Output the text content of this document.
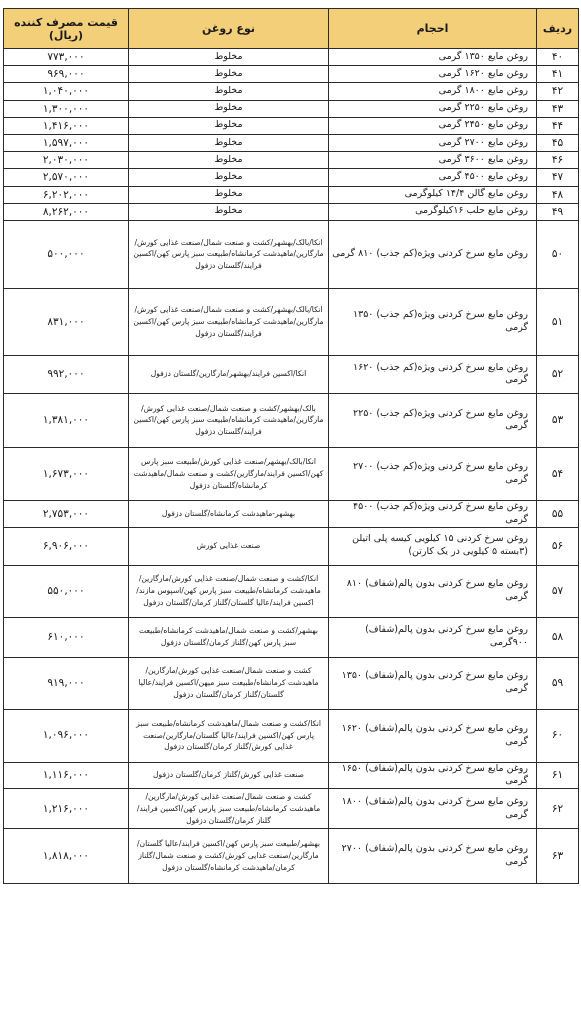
ردیف	احجام	نوع روغن	قیمت مصرف کننده (ریال)
۴۰	روغن مایع ۱۳۵۰ گرمی	مخلوط	۷۷۳,۰۰۰
۴۱	روغن مایع ۱۶۲۰ گرمی	مخلوط	۹۶۹,۰۰۰
۴۲	روغن مایع ۱۸۰۰ گرمی	مخلوط	۱,۰۴۰,۰۰۰
۴۳	روغن مایع ۲۲۵۰ گرمی	مخلوط	۱,۳۰۰,۰۰۰
۴۴	روغن مایع ۲۴۵۰ گرمی	مخلوط	۱,۴۱۶,۰۰۰
۴۵	روغن مایع ۲۷۰۰ گرمی	مخلوط	۱,۵۹۷,۰۰۰
۴۶	روغن مایع ۳۶۰۰ گرمی	مخلوط	۲,۰۳۰,۰۰۰
۴۷	روغن مایع ۴۵۰۰ گرمی	مخلوط	۲,۵۷۰,۰۰۰
۴۸	روغن مایع گالن ۱۴/۴ کیلوگرمی	مخلوط	۶,۲۰۲,۰۰۰
۴۹	روغن مایع حلب ۱۶کیلوگرمی	مخلوط	۸,۲۶۲,۰۰۰
۵۰	روغن مایع سرخ کردنی ویژه(کم جذب) ۸۱۰ گرمی	انکا/بالک/بهشهر/کشت و صنعت شمال/صنعت غذایی کورش/مارگارین/ماهیدشت کرمانشاه/طبیعت سبز پارس کهن/اکسین فرایند/گلستان دزفول	۵۰۰,۰۰۰
۵۱	روغن مایع سرخ کردنی ویژه(کم جذب) ۱۳۵۰ گرمی	انکا/بالک/بهشهر/کشت و صنعت شمال/صنعت غذایی کورش/مارگارین/ماهیدشت کرمانشاه/طبیعت سبز پارس کهن/اکسین فرایند/گلستان دزفول	۸۳۱,۰۰۰
۵۲	روغن مایع سرخ کردنی ویژه(کم جذب) ۱۶۲۰ گرمی	انکا/اکسین فرایند/بهشهر/مارگارین/گلستان دزفول	۹۹۲,۰۰۰
۵۳	روغن مایع سرخ کردنی ویژه(کم جذب) ۲۲۵۰ گرمی	بالک/بهشهر/کشت و صنعت شمال/صنعت غذایی کورش/مارگارین/ماهیدشت کرمانشاه/طبیعت سبز پارس کهن/اکسین فرایند/گلستان دزفول	۱,۳۸۱,۰۰۰
۵۴	روغن مایع سرخ کردنی ویژه(کم جذب) ۲۷۰۰ گرمی	انکا/بالک/بهشهر/صنعت غذایی کورش/طبیعت سبز پارس کهن/اکسین فرایند/مارگارین/کشت و صنعت شمال/ماهیدشت کرمانشاه/گلستان دزفول	۱,۶۷۳,۰۰۰
۵۵	روغن مایع سرخ کردنی ویژه(کم جذب) ۴۵۰۰ گرمی	بهشهر-ماهیدشت کرمانشاه/گلستان دزفول	۲,۷۵۳,۰۰۰
۵۶	روغن سرخ کردنی ۱۵ کیلویی کیسه پلی اتیلن (۳بسته ۵ کیلویی در یک کارتن)	صنعت غذایی کورش	۶,۹۰۶,۰۰۰
۵۷	روغن مایع سرخ کردنی بدون پالم(شفاف) ۸۱۰ گرمی	انکا/کشت و صنعت شمال/صنعت غذایی کورش/مارگارین/ماهیدشت کرمانشاه/طبیعت سبز پارس کهن/اسپوس مازند/اکسین فرایند/عالیا گلستان/گلناز کرمان/گلستان دزفول	۵۵۰,۰۰۰
۵۸	روغن مایع سرخ کردنی بدون پالم(شفاف) ۹۰۰گرمی	بهشهر/کشت و صنعت شمال/ماهیدشت کرمانشاه/طبیعت سبز پارس کهن/گلناز کرمان/گلستان دزفول	۶۱۰,۰۰۰
۵۹	روغن مایع سرخ کردنی بدون پالم(شفاف) ۱۳۵۰ گرمی	کشت و صنعت شمال/صنعت غذایی کورش/مارگارین/ماهیدشت کرمانشاه/طبیعت سبز میهن/اکسین فرایند/عالیا گلستان/گلناز کرمان/گلستان دزفول	۹۱۹,۰۰۰
۶۰	روغن مایع سرخ کردنی بدون پالم(شفاف) ۱۶۲۰ گرمی	انکا/کشت و صنعت شمال/ماهیدشت کرمانشاه/طبیعت سبز پارس کهن/اکسین فرایند/عالیا گلستان/مارگارین/صنعت غذایی کورش/گلناز کرمان/گلستان دزفول	۱,۰۹۶,۰۰۰
۶۱	روغن مایع سرخ کردنی بدون پالم(شفاف) ۱۶۵۰ گرمی	صنعت غذایی کورش/گلناز کرمان/گلستان دزفول	۱,۱۱۶,۰۰۰
۶۲	روغن مایع سرخ کردنی بدون پالم(شفاف) ۱۸۰۰ گرمی	کشت و صنعت شمال/صنعت غذایی کورش/مارگارین/ماهیدشت کرمانشاه/طبیعت سبز پارس کهن/اکسین فرایند/گلناز کرمان/گلستان دزفول	۱,۲۱۶,۰۰۰
۶۳	روغن مایع سرخ کردنی بدون پالم(شفاف) ۲۷۰۰ گرمی	بهشهر/طبیعت سبز پارس کهن/اکسین فرایند/عالیا گلستان/مارگارین/صنعت غذایی کورش/کشت و صنعت شمال/گلناز کرمان/ماهیدشت کرمانشاه/گلستان دزفول	۱,۸۱۸,۰۰۰
